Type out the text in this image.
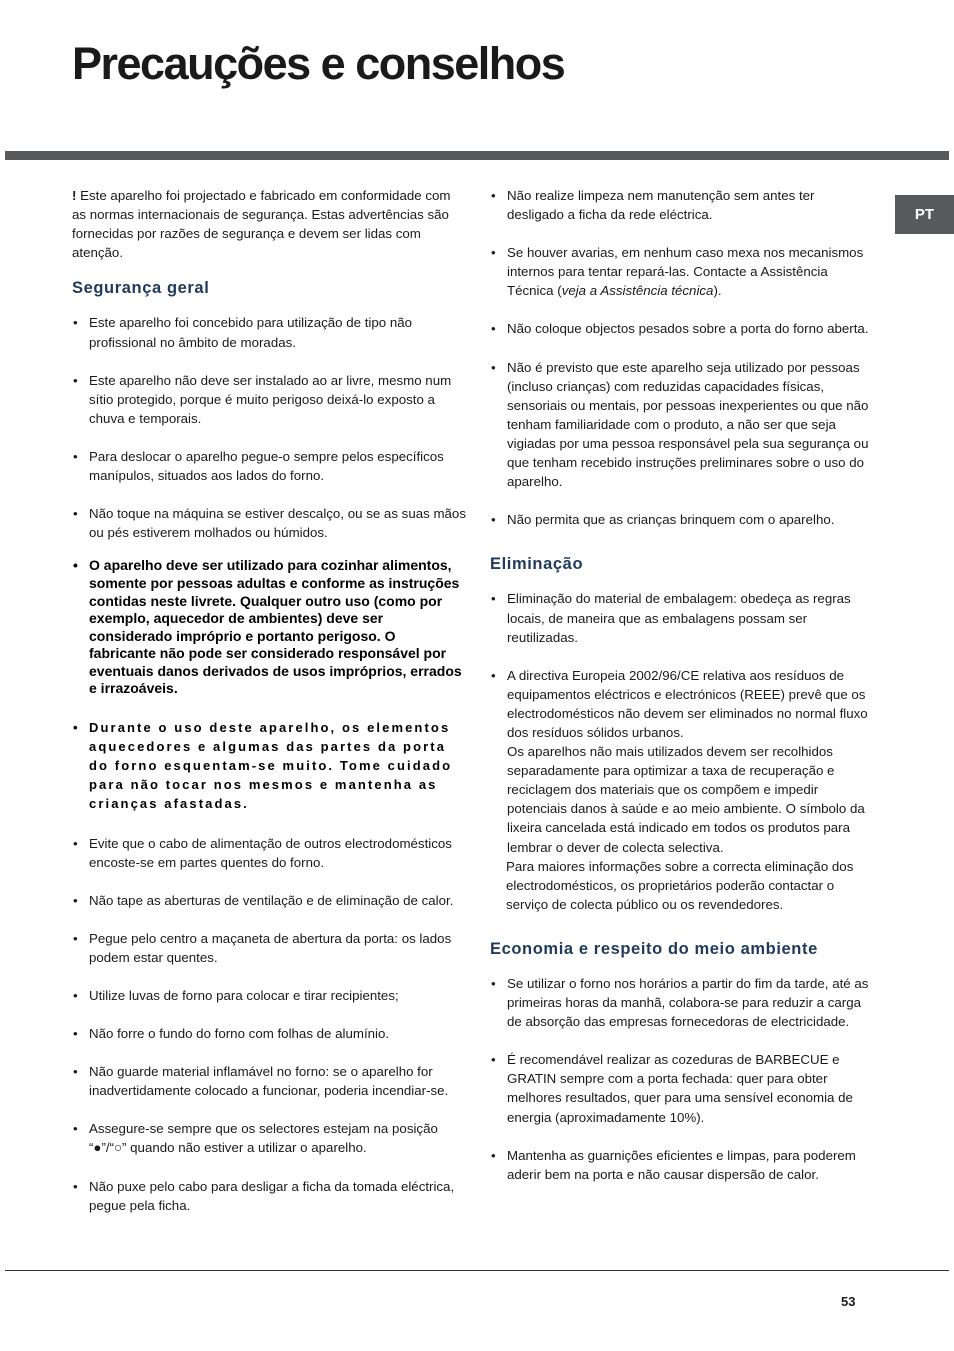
Precauções e conselhos
PT

! Este aparelho foi projectado e fabricado em conformidade com as normas internacionais de segurança. Estas advertências são fornecidas por razões de segurança e devem ser lidas com atenção.

Segurança geral
• Este aparelho foi concebido para utilização de tipo não profissional no âmbito de moradas.
• Este aparelho não deve ser instalado ao ar livre, mesmo num sítio protegido, porque é muito perigoso deixá-lo exposto a chuva e temporais.
• Para deslocar o aparelho pegue-o sempre pelos específicos manípulos, situados aos lados do forno.
• Não toque na máquina se estiver descalço, ou se as suas mãos ou pés estiverem molhados ou húmidos.
• O aparelho deve ser utilizado para cozinhar alimentos, somente por pessoas adultas e conforme as instruções contidas neste livrete. Qualquer outro uso (como por exemplo, aquecedor de ambientes) deve ser considerado impróprio e portanto perigoso. O fabricante não pode ser considerado responsável por eventuais danos derivados de usos impróprios, errados e irrazoáveis.
• Durante o uso deste aparelho, os elementos aquecedores e algumas das partes da porta do forno esquentam-se muito. Tome cuidado para não tocar nos mesmos e mantenha as crianças afastadas.
• Evite que o cabo de alimentação de outros electrodomésticos encoste-se em partes quentes do forno.
• Não tape as aberturas de ventilação e de eliminação de calor.
• Pegue pelo centro a maçaneta de abertura da porta: os lados podem estar quentes.
• Utilize luvas de forno para colocar e tirar recipientes;
• Não forre o fundo do forno com folhas de alumínio.
• Não guarde material inflamável no forno: se o aparelho for inadvertidamente colocado a funcionar, poderia incendiar-se.
• Assegure-se sempre que os selectores estejam na posição “●”/“○” quando não estiver a utilizar o aparelho.
• Não puxe pelo cabo para desligar a ficha da tomada eléctrica, pegue pela ficha.
• Não realize limpeza nem manutenção sem antes ter desligado a ficha da rede eléctrica.
• Se houver avarias, em nenhum caso mexa nos mecanismos internos para tentar repará-las. Contacte a Assistência Técnica (veja a Assistência técnica).
• Não coloque objectos pesados sobre a porta do forno aberta.
• Não é previsto que este aparelho seja utilizado por pessoas (incluso crianças) com reduzidas capacidades físicas, sensoriais ou mentais, por pessoas inexperientes ou que não tenham familiaridade com o produto, a não ser que seja vigiadas por uma pessoa responsável pela sua segurança ou que tenham recebido instruções preliminares sobre o uso do aparelho.
• Não permita que as crianças brinquem com o aparelho.
Eliminação
• Eliminação do material de embalagem: obedeça as regras locais, de maneira que as embalagens possam ser reutilizadas.
• A directiva Europeia 2002/96/CE relativa aos resíduos de equipamentos eléctricos e electrónicos (REEE) prevê que os electrodomésticos não devem ser eliminados no normal fluxo dos resíduos sólidos urbanos.
Os aparelhos não mais utilizados devem ser recolhidos separadamente para optimizar a taxa de recuperação e reciclagem dos materiais que os compõem e impedir potenciais danos à saúde e ao meio ambiente. O símbolo da lixeira cancelada está indicado em todos os produtos para lembrar o dever de colecta selectiva.
Para maiores informações sobre a correcta eliminação dos electrodomésticos, os proprietários poderão contactar o serviço de colecta público ou os revendedores.
Economia e respeito do meio ambiente
• Se utilizar o forno nos horários a partir do fim da tarde, até as primeiras horas da manhã, colabora-se para reduzir a carga de absorção das empresas fornecedoras de electricidade.
• É recomendável realizar as cozeduras de BARBECUE e GRATIN sempre com a porta fechada: quer para obter melhores resultados, quer para uma sensível economia de energia (aproximadamente 10%).
• Mantenha as guarnições eficientes e limpas, para poderem aderir bem na porta e não causar dispersão de calor.
53
